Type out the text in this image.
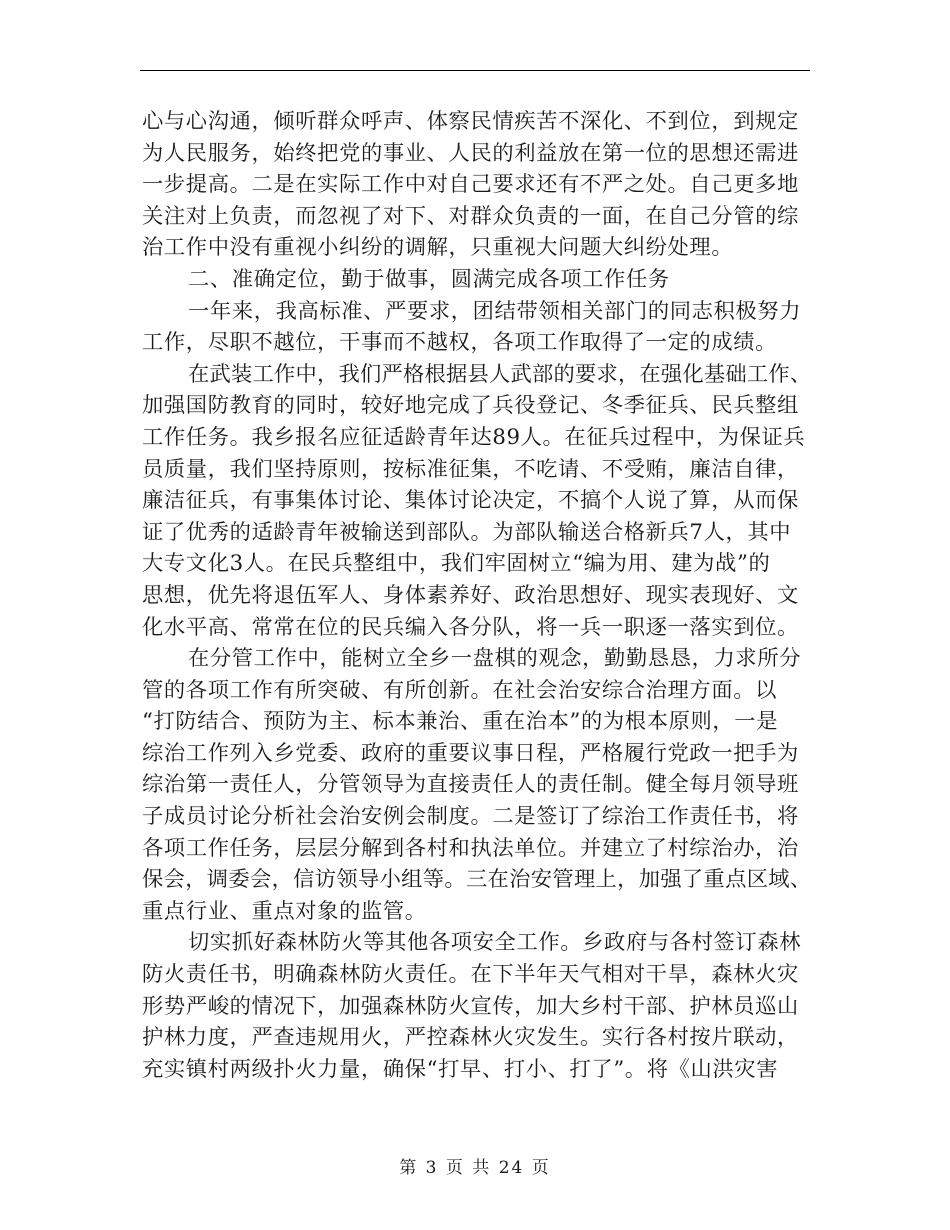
心与心沟通，倾听群众呼声、体察民情疾苦不深化、不到位，到规定
为人民服务，始终把党的事业、人民的利益放在第一位的思想还需进
一步提高。二是在实际工作中对自己要求还有不严之处。自己更多地
关注对上负责，而忽视了对下、对群众负责的一面，在自己分管的综
治工作中没有重视小纠纷的调解，只重视大问题大纠纷处理。
二、准确定位，勤于做事，圆满完成各项工作任务
一年来，我高标准、严要求，团结带领相关部门的同志积极努力
工作，尽职不越位，干事而不越权，各项工作取得了一定的成绩。
在武装工作中，我们严格根据县人武部的要求，在强化基础工作、
加强国防教育的同时，较好地完成了兵役登记、冬季征兵、民兵整组
工作任务。我乡报名应征适龄青年达89人。在征兵过程中，为保证兵
员质量，我们坚持原则，按标准征集，不吃请、不受贿，廉洁自律，
廉洁征兵，有事集体讨论、集体讨论决定，不搞个人说了算，从而保
证了优秀的适龄青年被输送到部队。为部队输送合格新兵7人，其中
大专文化3人。在民兵整组中，我们牢固树立“编为用、建为战”的
思想，优先将退伍军人、身体素养好、政治思想好、现实表现好、文
化水平高、常常在位的民兵编入各分队，将一兵一职逐一落实到位。
在分管工作中，能树立全乡一盘棋的观念，勤勤恳恳，力求所分
管的各项工作有所突破、有所创新。在社会治安综合治理方面。以
“打防结合、预防为主、标本兼治、重在治本”的为根本原则，一是
综治工作列入乡党委、政府的重要议事日程，严格履行党政一把手为
综治第一责任人，分管领导为直接责任人的责任制。健全每月领导班
子成员讨论分析社会治安例会制度。二是签订了综治工作责任书，将
各项工作任务，层层分解到各村和执法单位。并建立了村综治办，治
保会，调委会，信访领导小组等。三在治安管理上，加强了重点区域、
重点行业、重点对象的监管。
切实抓好森林防火等其他各项安全工作。乡政府与各村签订森林
防火责任书，明确森林防火责任。在下半年天气相对干旱，森林火灾
形势严峻的情况下，加强森林防火宣传，加大乡村干部、护林员巡山
护林力度，严查违规用火，严控森林火灾发生。实行各村按片联动，
充实镇村两级扑火力量，确保“打早、打小、打了”。将《山洪灾害
第 3 页 共 24 页
